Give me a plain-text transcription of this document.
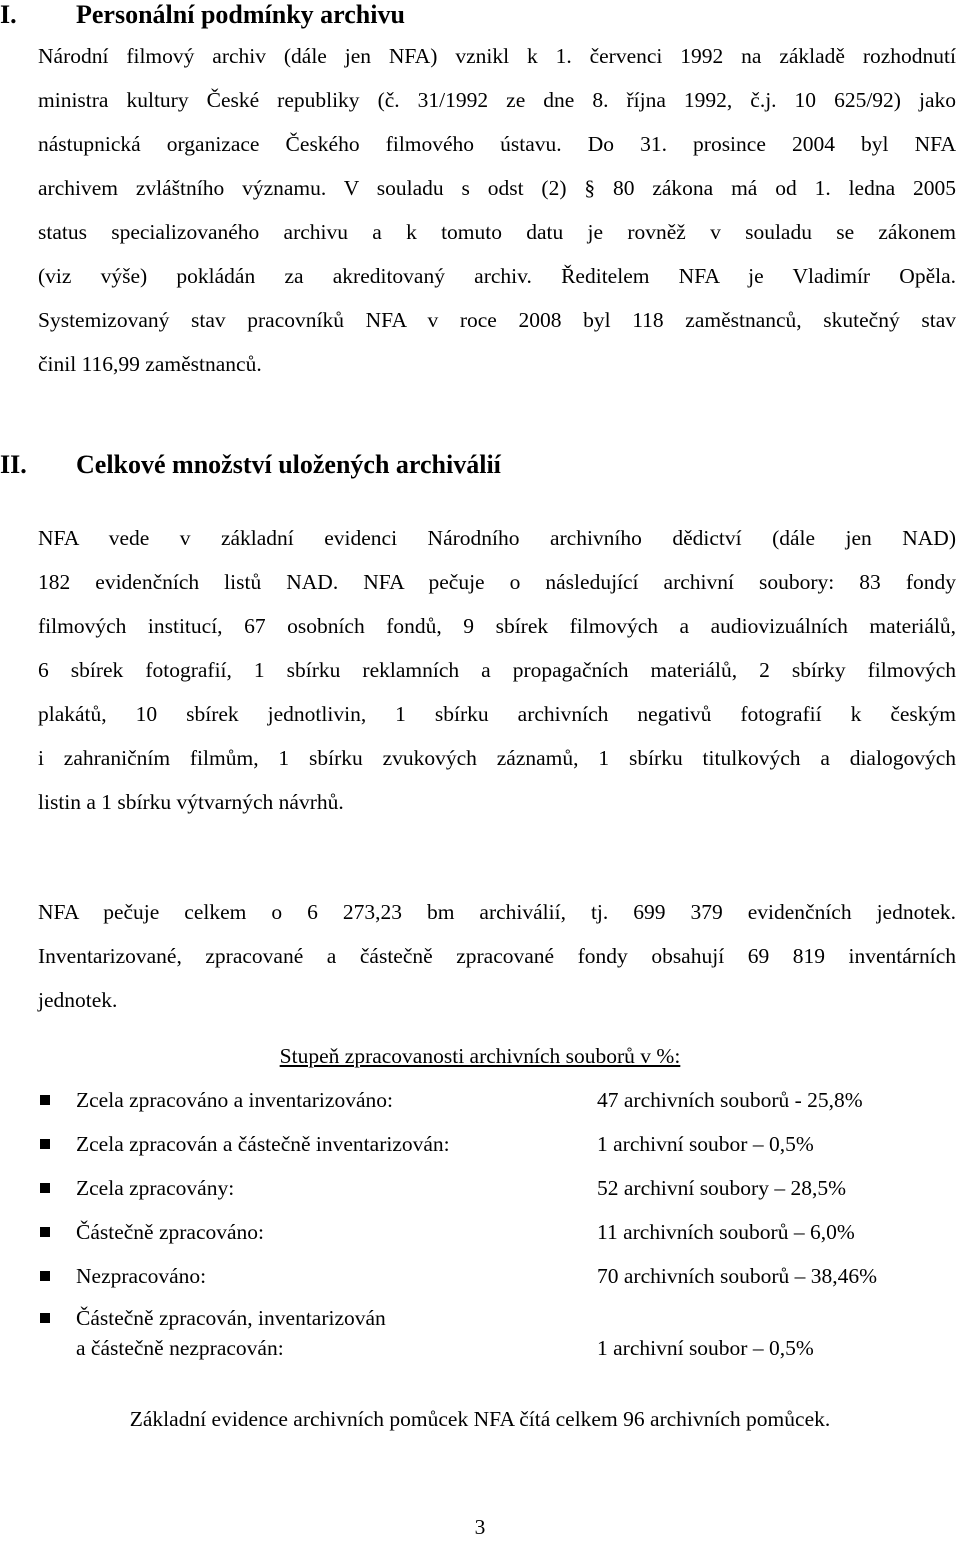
I. Personální podmínky archivu
Národní filmový archiv (dále jen NFA) vznikl k 1. červenci 1992 na základě rozhodnutí
ministra kultury České republiky (č. 31/1992 ze dne 8. října 1992, č.j. 10 625/92) jako
nástupnická organizace Českého filmového ústavu. Do 31. prosince 2004 byl NFA
archivem zvláštního významu. V souladu s odst (2) § 80 zákona má od 1. ledna 2005
status specializovaného archivu a k tomuto datu je rovněž v souladu se zákonem
(viz výše) pokládán za akreditovaný archiv. Ředitelem NFA je Vladimír Opěla.
Systemizovaný stav pracovníků NFA v roce 2008 byl 118 zaměstnanců, skutečný stav
činil 116,99 zaměstnanců.
II. Celkové množství uložených archiválií
NFA vede v základní evidenci Národního archivního dědictví (dále jen NAD)
182 evidenčních listů NAD. NFA pečuje o následující archivní soubory: 83 fondy
filmových institucí, 67 osobních fondů, 9 sbírek filmových a audiovizuálních materiálů,
6 sbírek fotografií, 1 sbírku reklamních a propagačních materiálů, 2 sbírky filmových
plakátů, 10 sbírek jednotlivin, 1 sbírku archivních negativů fotografií k českým
i zahraničním filmům, 1 sbírku zvukových záznamů, 1 sbírku titulkových a dialogových
listin a 1 sbírku výtvarných návrhů.
NFA pečuje celkem o 6 273,23 bm archiválií, tj. 699 379 evidenčních jednotek.
Inventarizované, zpracované a částečně zpracované fondy obsahují 69 819 inventárních
jednotek.
Stupeň zpracovanosti archivních souborů v %:
Zcela zpracováno a inventarizováno:	47 archivních souborů - 25,8%
Zcela zpracován a částečně inventarizován:	1 archivní soubor – 0,5%
Zcela zpracovány:	52 archivní soubory – 28,5%
Částečně zpracováno:	11 archivních souborů – 6,0%
Nezpracováno:	70 archivních souborů – 38,46%
Částečně zpracován, inventarizován
a částečně nezpracován:	1 archivní soubor – 0,5%
Základní evidence archivních pomůcek NFA čítá celkem 96 archivních pomůcek.
3
